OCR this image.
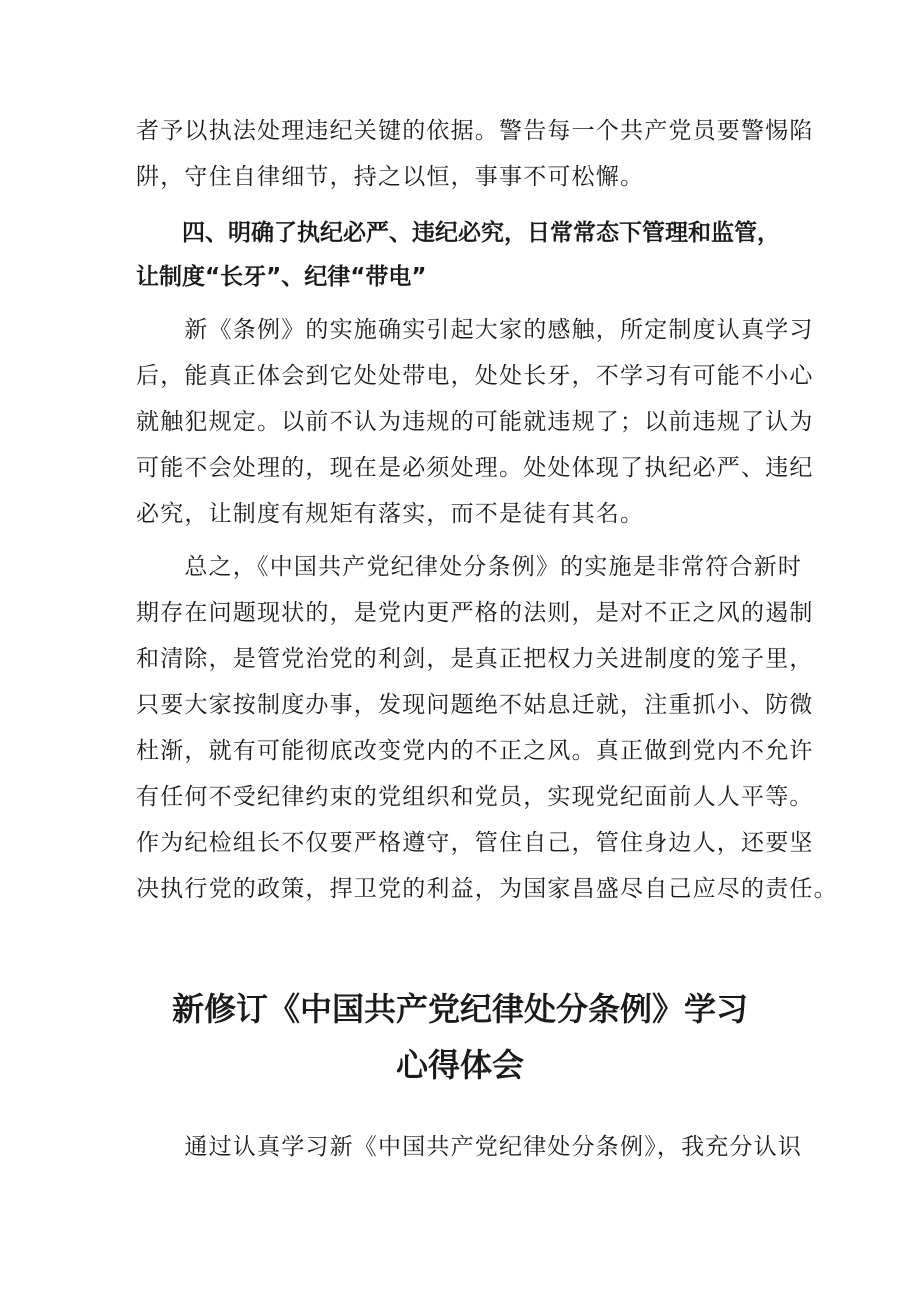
者予以执法处理违纪关键的依据。警告每一个共产党员要警惕陷
阱，守住自律细节，持之以恒，事事不可松懈。

　　四、明确了执纪必严、违纪必究，日常常态下管理和监管，
让制度“长牙”、纪律“带电”

　　新《条例》的实施确实引起大家的感触，所定制度认真学习
后，能真正体会到它处处带电，处处长牙，不学习有可能不小心
就触犯规定。以前不认为违规的可能就违规了；以前违规了认为
可能不会处理的，现在是必须处理。处处体现了执纪必严、违纪
必究，让制度有规矩有落实，而不是徒有其名。

　　总之，《中国共产党纪律处分条例》的实施是非常符合新时
期存在问题现状的，是党内更严格的法则，是对不正之风的遏制
和清除，是管党治党的利剑，是真正把权力关进制度的笼子里，
只要大家按制度办事，发现问题绝不姑息迁就，注重抓小、防微
杜渐，就有可能彻底改变党内的不正之风。真正做到党内不允许
有任何不受纪律约束的党组织和党员，实现党纪面前人人平等。
作为纪检组长不仅要严格遵守，管住自己，管住身边人，还要坚
决执行党的政策，捍卫党的利益，为国家昌盛尽自己应尽的责任。

新修订《中国共产党纪律处分条例》学习
心得体会

　　通过认真学习新《中国共产党纪律处分条例》，我充分认识
